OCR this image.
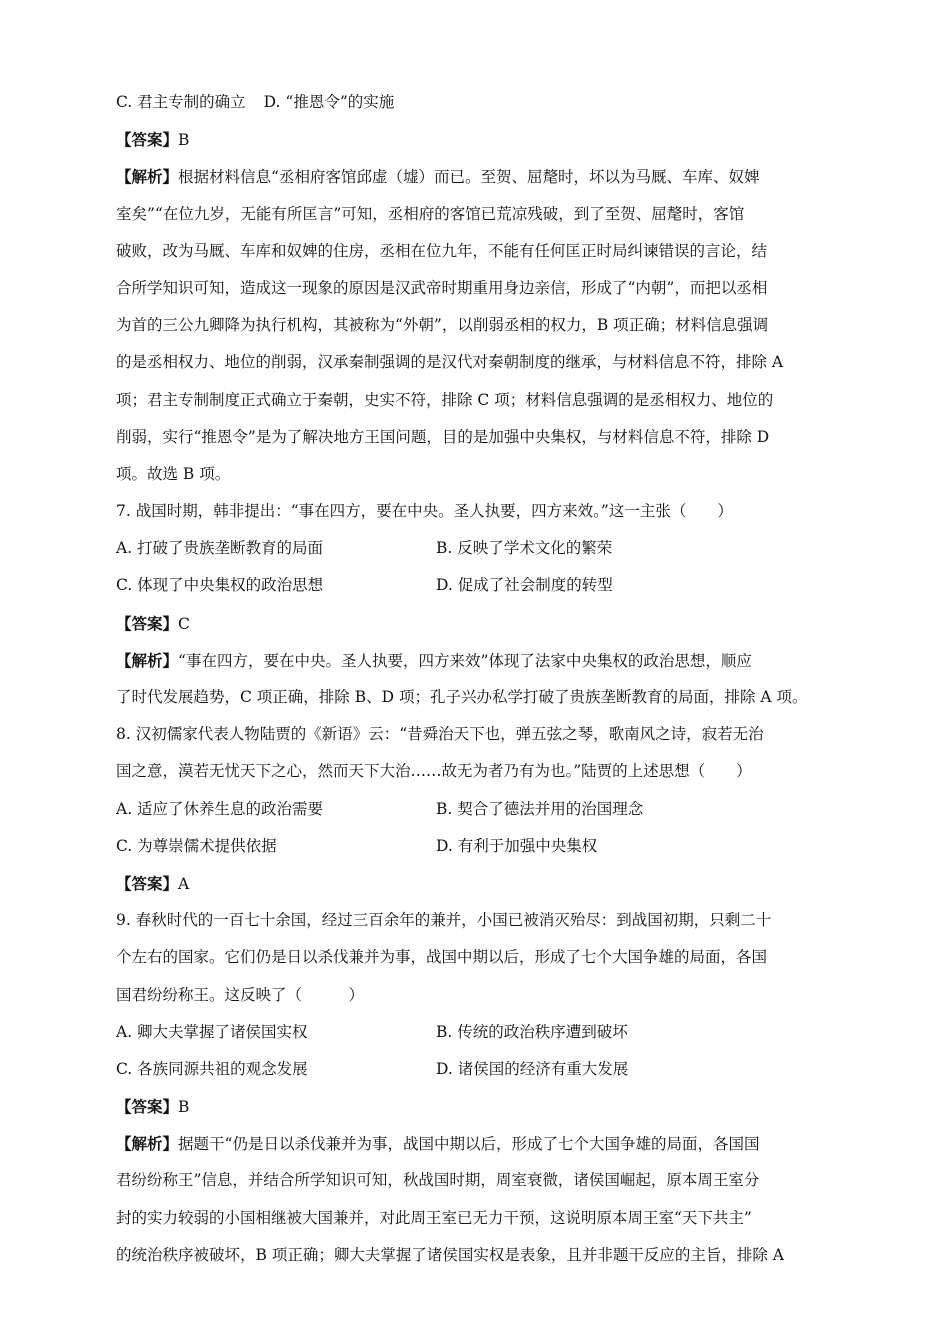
C. 君主专制的确立 D. “推恩令”的实施
【答案】B
【解析】根据材料信息“丞相府客馆邱虚（墟）而已。至贺、屈氂时，坏以为马厩、车库、奴婢
室矣”“在位九岁，无能有所匡言”可知，丞相府的客馆已荒凉残破，到了至贺、屈氂时，客馆
破败，改为马厩、车库和奴婢的住房，丞相在位九年，不能有任何匡正时局纠谏错误的言论，结
合所学知识可知，造成这一现象的原因是汉武帝时期重用身边亲信，形成了“内朝”，而把以丞相
为首的三公九卿降为执行机构，其被称为“外朝”，以削弱丞相的权力，B 项正确；材料信息强调
的是丞相权力、地位的削弱，汉承秦制强调的是汉代对秦朝制度的继承，与材料信息不符，排除 A
项；君主专制制度正式确立于秦朝，史实不符，排除 C 项；材料信息强调的是丞相权力、地位的
削弱，实行“推恩令”是为了解决地方王国问题，目的是加强中央集权，与材料信息不符，排除 D
项。故选 B 项。
7. 战国时期，韩非提出：“事在四方，要在中央。圣人执要，四方来效。”这一主张（　　）
A. 打破了贵族垄断教育的局面	B. 反映了学术文化的繁荣
C. 体现了中央集权的政治思想	D. 促成了社会制度的转型
【答案】C
【解析】“事在四方，要在中央。圣人执要，四方来效”体现了法家中央集权的政治思想，顺应
了时代发展趋势，C 项正确，排除 B、D 项；孔子兴办私学打破了贵族垄断教育的局面，排除 A 项。
8. 汉初儒家代表人物陆贾的《新语》云：“昔舜治天下也，弹五弦之琴，歌南风之诗，寂若无治
国之意，漠若无忧天下之心，然而天下大治……故无为者乃有为也。”陆贾的上述思想（　　）
A. 适应了休养生息的政治需要	B. 契合了德法并用的治国理念
C. 为尊崇儒术提供依据	D. 有利于加强中央集权
【答案】A
9. 春秋时代的一百七十余国，经过三百余年的兼并，小国已被消灭殆尽：到战国初期，只剩二十
个左右的国家。它们仍是日以杀伐兼并为事，战国中期以后，形成了七个大国争雄的局面，各国
国君纷纷称王。这反映了（　　　）
A. 卿大夫掌握了诸侯国实权	B. 传统的政治秩序遭到破坏
C. 各族同源共祖的观念发展	D. 诸侯国的经济有重大发展
【答案】B
【解析】据题干“仍是日以杀伐兼并为事，战国中期以后，形成了七个大国争雄的局面，各国国
君纷纷称王”信息，并结合所学知识可知，秋战国时期，周室衰微，诸侯国崛起，原本周王室分
封的实力较弱的小国相继被大国兼并，对此周王室已无力干预，这说明原本周王室“天下共主”
的统治秩序被破坏，B 项正确；卿大夫掌握了诸侯国实权是表象，且并非题干反应的主旨，排除 A
